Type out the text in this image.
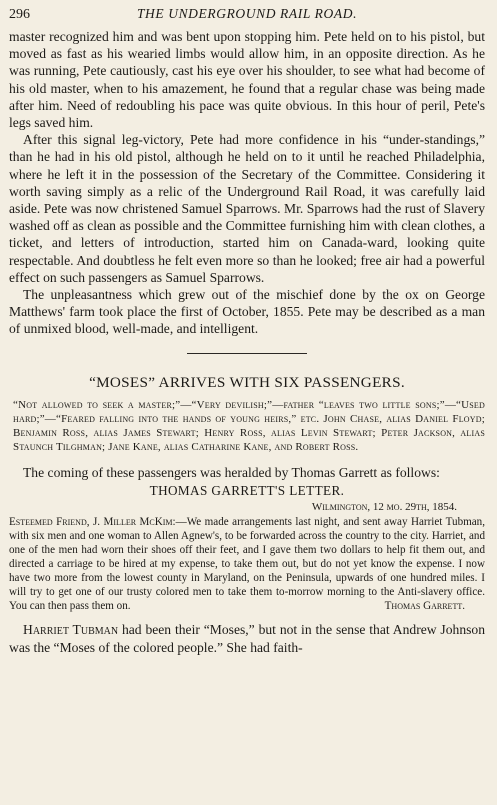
296	THE UNDERGROUND RAIL ROAD.

master recognized him and was bent upon stopping him. Pete held on to his pistol, but moved as fast as his wearied limbs would allow him, in an opposite direction. As he was running, Pete cautiously, cast his eye over his shoulder, to see what had become of his old master, when to his amazement, he found that a regular chase was being made after him. Need of redoubling his pace was quite obvious. In this hour of peril, Pete's legs saved him.

After this signal leg-victory, Pete had more confidence in his “under-standings,” than he had in his old pistol, although he held on to it until he reached Philadelphia, where he left it in the possession of the Secretary of the Committee. Considering it worth saving simply as a relic of the Underground Rail Road, it was carefully laid aside. Pete was now christened Samuel Sparrows. Mr. Sparrows had the rust of Slavery washed off as clean as possible and the Committee furnishing him with clean clothes, a ticket, and letters of introduction, started him on Canada-ward, looking quite respectable. And doubtless he felt even more so than he looked; free air had a powerful effect on such passengers as Samuel Sparrows.

The unpleasantness which grew out of the mischief done by the ox on George Matthews' farm took place the first of October, 1855. Pete may be described as a man of unmixed blood, well-made, and intelligent.

“MOSES” ARRIVES WITH SIX PASSENGERS.
“Not allowed to seek a master;”—“Very devilish;”—father “leaves two little sons;”—“Used hard;”—“Feared falling into the hands of young heirs,” etc. John Chase, alias Daniel Floyd; Benjamin Ross, alias James Stewart; Henry Ross, alias Levin Stewart; Peter Jackson, alias Staunch Tilghman; Jane Kane, alias Catharine Kane, and Robert Ross.

The coming of these passengers was heralded by Thomas Garrett as follows:

THOMAS GARRETT'S LETTER.
Wilmington, 12 mo. 29th, 1854.
Esteemed Friend, J. Miller McKim:—We made arrangements last night, and sent away Harriet Tubman, with six men and one woman to Allen Agnew's, to be forwarded across the country to the city. Harriet, and one of the men had worn their shoes off their feet, and I gave them two dollars to help fit them out, and directed a carriage to be hired at my expense, to take them out, but do not yet know the expense. I now have two more from the lowest county in Maryland, on the Peninsula, upwards of one hundred miles. I will try to get one of our trusty colored men to take them to-morrow morning to the Anti-slavery office. You can then pass them on.	Thomas Garrett.

Harriet Tubman had been their “Moses,” but not in the sense that Andrew Johnson was the “Moses of the colored people.” She had faith-
